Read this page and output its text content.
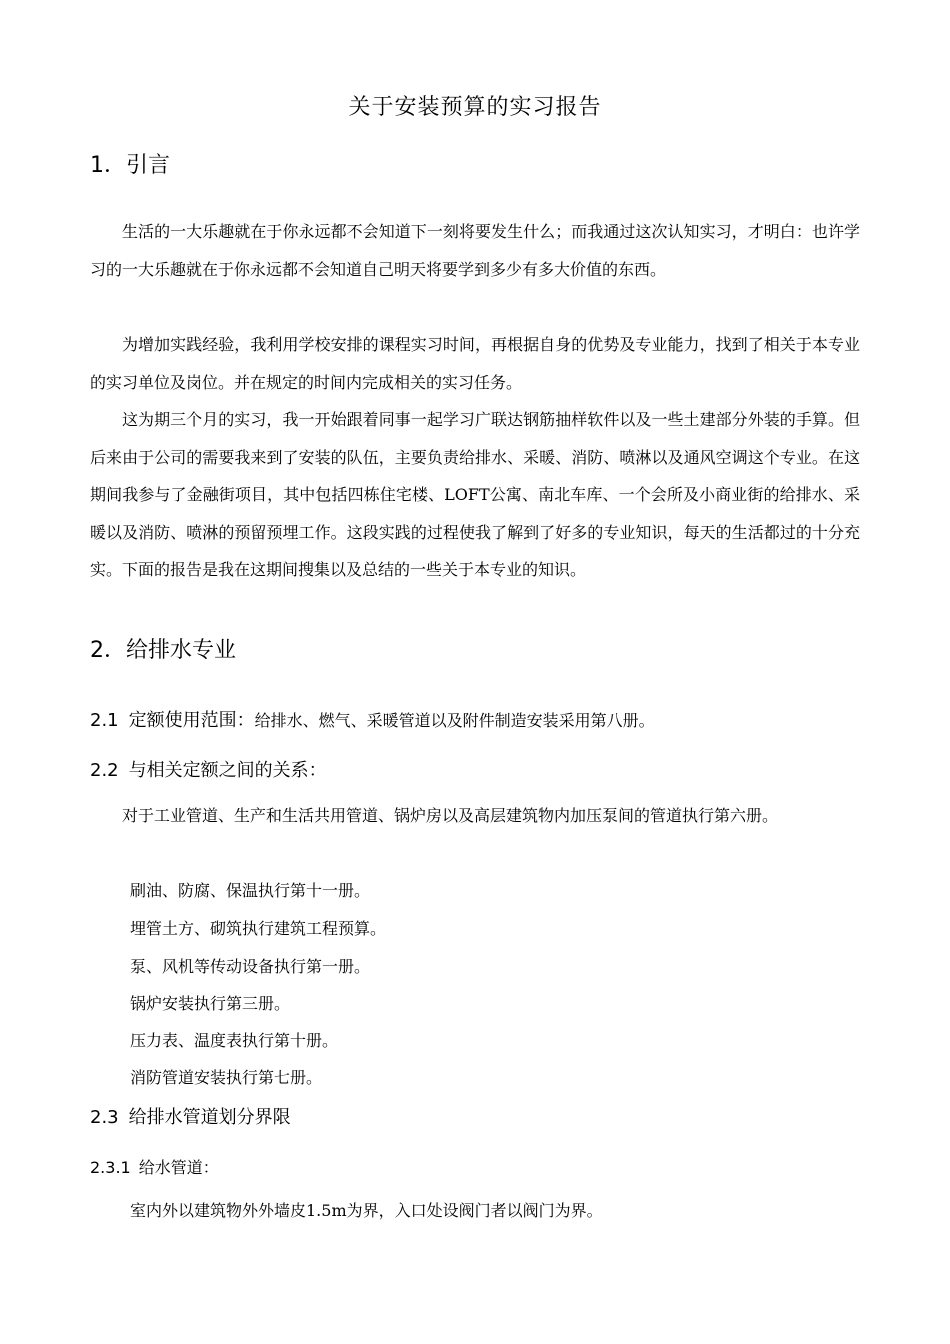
关于安装预算的实习报告
1．引言

生活的一大乐趣就在于你永远都不会知道下一刻将要发生什么；而我通过这次认知实习，才明白：也许学习的一大乐趣就在于你永远都不会知道自己明天将要学到多少有多大价值的东西。

为增加实践经验，我利用学校安排的课程实习时间，再根据自身的优势及专业能力，找到了相关于本专业的实习单位及岗位。并在规定的时间内完成相关的实习任务。

这为期三个月的实习，我一开始跟着同事一起学习广联达钢筋抽样软件以及一些土建部分外装的手算。但后来由于公司的需要我来到了安装的队伍，主要负责给排水、采暖、消防、喷淋以及通风空调这个专业。在这期间我参与了金融街项目，其中包括四栋住宅楼、LOFT公寓、南北车库、一个会所及小商业街的给排水、采暖以及消防、喷淋的预留预埋工作。这段实践的过程使我了解到了好多的专业知识，每天的生活都过的十分充实。下面的报告是我在这期间搜集以及总结的一些关于本专业的知识。

2．给排水专业
2.1 定额使用范围：给排水、燃气、采暖管道以及附件制造安装采用第八册。
2.2 与相关定额之间的关系：

对于工业管道、生产和生活共用管道、锅炉房以及高层建筑物内加压泵间的管道执行第六册。

刷油、防腐、保温执行第十一册。

埋管土方、砌筑执行建筑工程预算。

泵、风机等传动设备执行第一册。

锅炉安装执行第三册。

压力表、温度表执行第十册。

消防管道安装执行第七册。

2.3 给排水管道划分界限
2.3.1 给水管道：

室内外以建筑物外外墙皮1.5m为界，入口处设阀门者以阀门为界。
